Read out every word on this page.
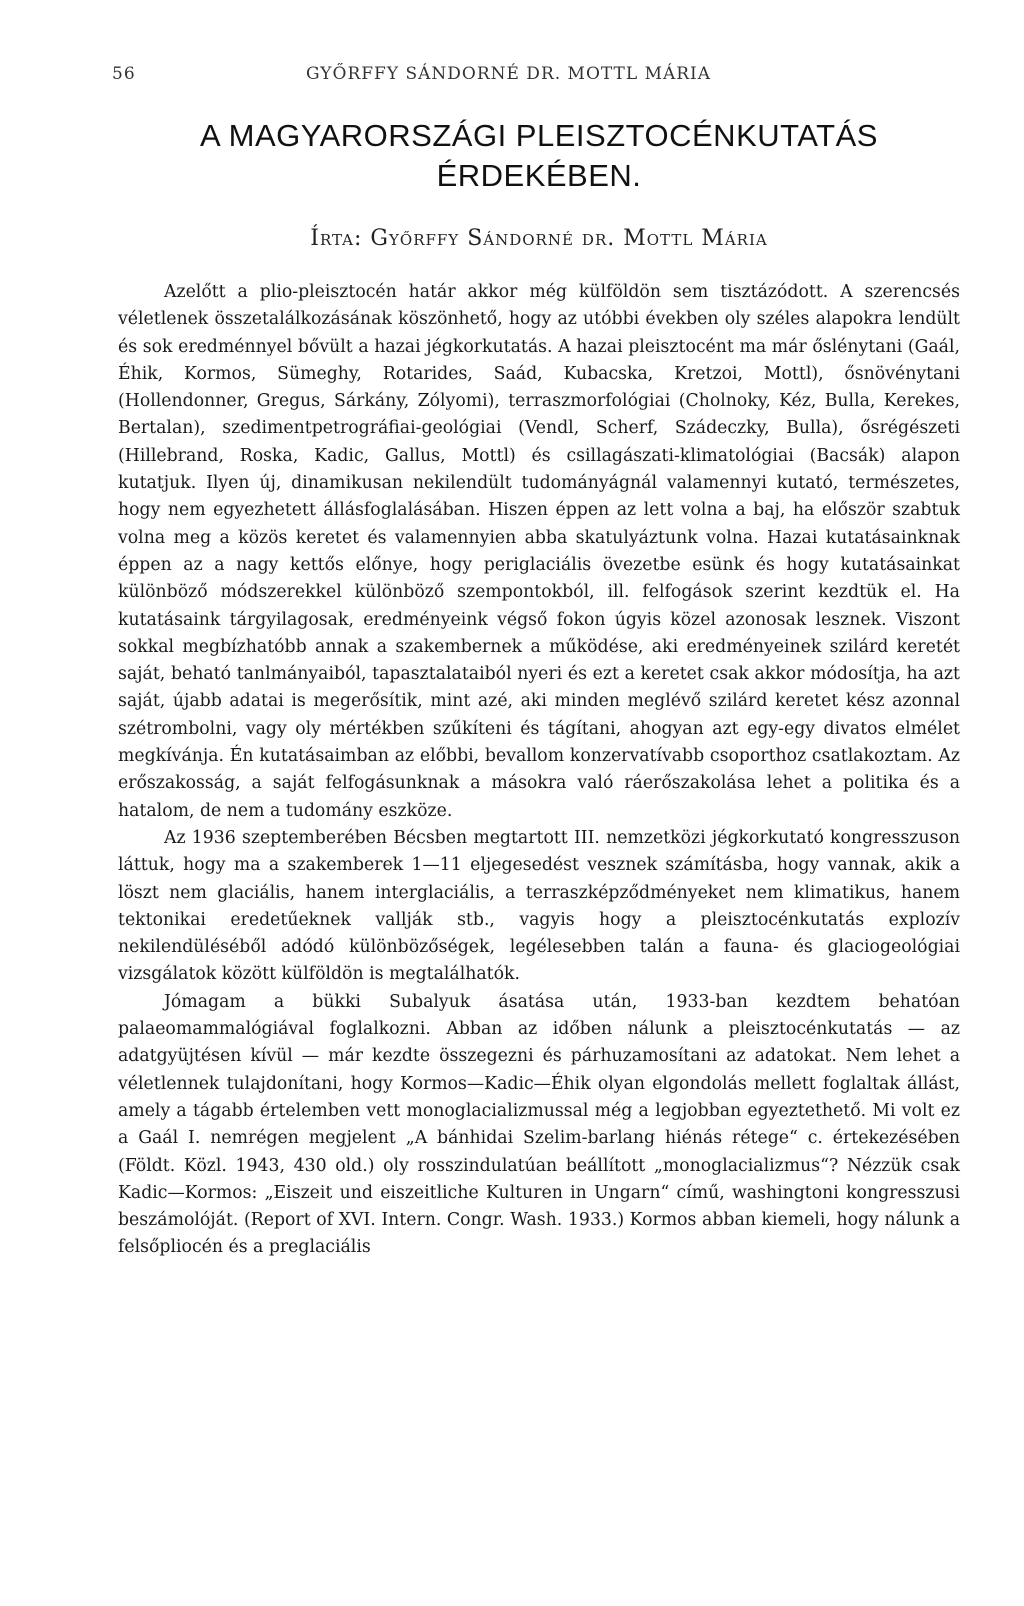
56	GYŐRFFY SÁNDORNÉ DR. MOTTL MÁRIA
A MAGYARORSZÁGI PLEISZTOCÉNKUTATÁS
ÉRDEKÉBEN.
Írta: Győrffy Sándorné dr. Mottl Mária

Azelőtt a plio-pleisztocén határ akkor még külföldön sem tisztázódott. A szerencsés véletlenek összetalálkozásának köszönhető, hogy az utóbbi években oly széles alapokra lendült és sok eredménnyel bővült a hazai jégkorkutatás. A hazai pleisztocént ma már őslénytani (Gaál, Éhik, Kormos, Sümeghy, Rotarides, Saád, Kubacska, Kretzoi, Mottl), ősnövénytani (Hollendonner, Gregus, Sárkány, Zólyomi), terraszmorfológiai (Cholnoky, Kéz, Bulla, Kerekes, Bertalan), szedimentpetrográfiai-geológiai (Vendl, Scherf, Szádeczky, Bulla), ősrégészeti (Hillebrand, Roska, Kadic, Gallus, Mottl) és csillagászati-klimatológiai (Bacsák) alapon kutatjuk. Ilyen új, dinamikusan nekilendült tudományágnál valamennyi kutató, természetes, hogy nem egyezhetett állásfoglalásában. Hiszen éppen az lett volna a baj, ha először szabtuk volna meg a közös keretet és valamennyien abba skatulyáztunk volna. Hazai kutatásainknak éppen az a nagy kettős előnye, hogy periglaciális övezetbe esünk és hogy kutatásainkat különböző módszerekkel különböző szempontokból, ill. felfogások szerint kezdtük el. Ha kutatásaink tárgyilagosak, eredményeink végső fokon úgyis közel azonosak lesznek. Viszont sokkal megbízhatóbb annak a szakembernek a működése, aki eredményeinek szilárd keretét saját, beható tanlmányaiból, tapasztalataiból nyeri és ezt a keretet csak akkor módosítja, ha azt saját, újabb adatai is megerősítik, mint azé, aki minden meglévő szilárd keretet kész azonnal szétrombolni, vagy oly mértékben szűkíteni és tágítani, ahogyan azt egy-egy divatos elmélet megkívánja. Én kutatásaimban az előbbi, bevallom konzervatívabb csoporthoz csatlakoztam. Az erőszakosság, a saját felfogásunknak a másokra való ráerőszakolása lehet a politika és a hatalom, de nem a tudomány eszköze.

Az 1936 szeptemberében Bécsben megtartott III. nemzetközi jégkorkutató kongresszuson láttuk, hogy ma a szakemberek 1—11 eljegesedést vesznek számításba, hogy vannak, akik a löszt nem glaciális, hanem interglaciális, a terraszképződményeket nem klimatikus, hanem tektonikai eredetűeknek vallják stb., vagyis hogy a pleisztocénkutatás explozív nekilendüléséből adódó különbözőségek, legélesebben talán a fauna- és glaciogeológiai vizsgálatok között külföldön is megtalálhatók.

Jómagam a bükki Subalyuk ásatása után, 1933-ban kezdtem behatóan palaeomammalógiával foglalkozni. Abban az időben nálunk a pleisztocénkutatás — az adatgyüjtésen kívül — már kezdte összegezni és párhuzamosítani az adatokat. Nem lehet a véletlennek tulajdonítani, hogy Kormos—Kadic—Éhik olyan elgondolás mellett foglaltak állást, amely a tágabb értelemben vett monoglacializmussal még a legjobban egyeztethető. Mi volt ez a Gaál I. nemrégen megjelent „A bánhidai Szelim-barlang hiénás rétege“ c. értekezésében (Földt. Közl. 1943, 430 old.) oly rosszindulatúan beállított „monoglacializmus“? Nézzük csak Kadic—Kormos: „Eiszeit und eiszeitliche Kulturen in Ungarn“ című, washingtoni kongresszusi beszámolóját. (Report of XVI. Intern. Congr. Wash. 1933.) Kormos abban kiemeli, hogy nálunk a felsőpliocén és a preglaciális
